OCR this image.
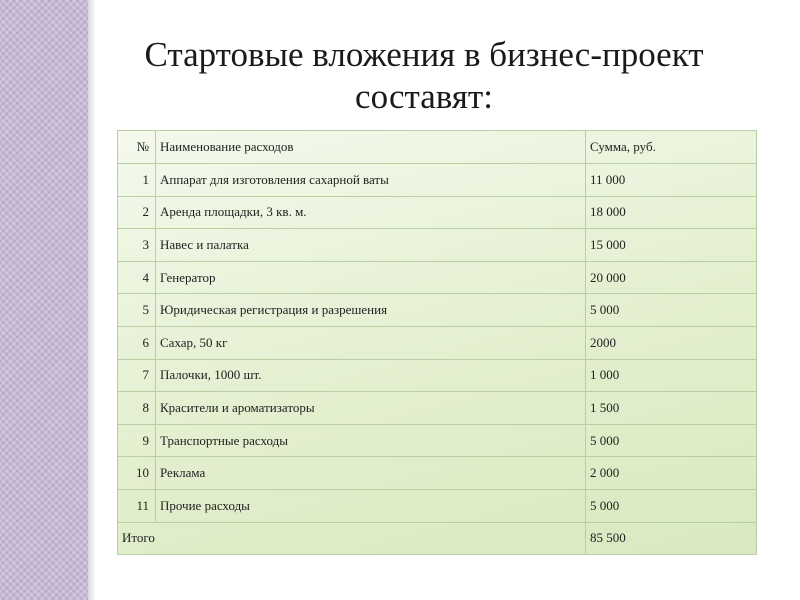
Стартовые вложения в бизнес-проект составят:
№	Наименование расходов	Сумма, руб.
1	Аппарат для изготовления сахарной ваты	11 000
2	Аренда площадки, 3 кв. м.	18 000
3	Навес и палатка	15 000
4	Генератор	20 000
5	Юридическая регистрация и разрешения	5 000
6	Сахар, 50 кг	2000
7	Палочки, 1000 шт.	1 000
8	Красители и ароматизаторы	1 500
9	Транспортные расходы	5 000
10	Реклама	2 000
11	Прочие расходы	5 000
Итого		85 500
